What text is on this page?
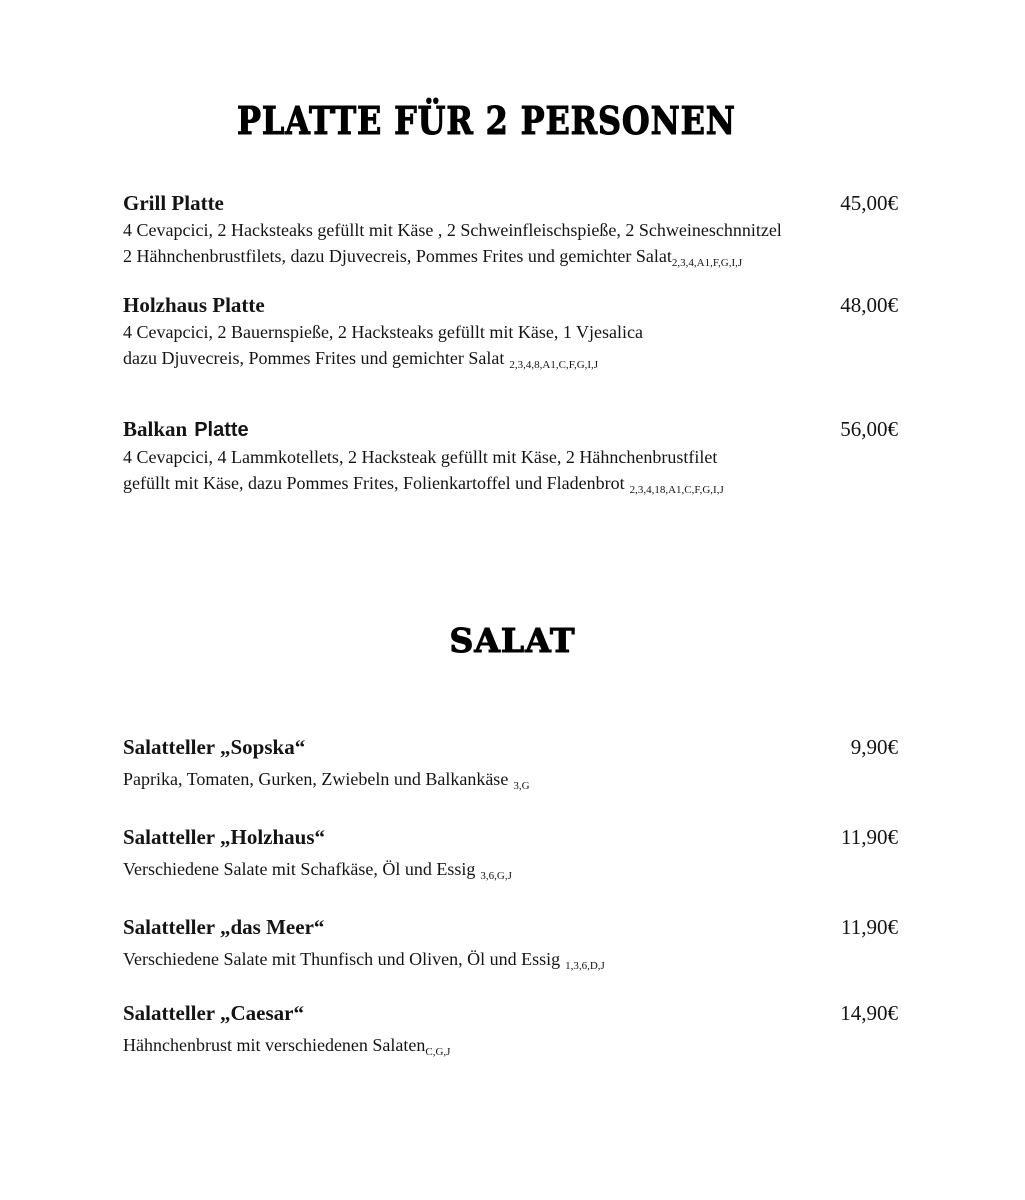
PLATTE FÜR 2 PERSONEN
Grill Platte	45,00€
4 Cevapcici, 2 Hacksteaks gefüllt mit Käse , 2 Schweinfleischspieße, 2 Schweineschnnitzel
2 Hähnchenbrustfilets, dazu Djuvecreis, Pommes Frites und gemichter Salat$_{2,3,4,A1,F,G,I,J}$
Holzhaus Platte	48,00€
4 Cevapcici, 2 Bauernspieße, 2 Hacksteaks gefüllt mit Käse, 1 Vjesalica
dazu Djuvecreis, Pommes Frites und gemichter Salat $_{2,3,4,8,A1,C,F,G,I,J}$
Balkan Platte	56,00€
4 Cevapcici, 4 Lammkotellets, 2 Hacksteak gefüllt mit Käse, 2 Hähnchenbrustfilet
gefüllt mit Käse, dazu Pommes Frites, Folienkartoffel und Fladenbrot $_{2,3,4,18,A1,C,F,G,I,J}$
SALAT
Salatteller „Sopska“	9,90€
Paprika, Tomaten, Gurken, Zwiebeln und Balkankäse $_{3,G}$
Salatteller „Holzhaus“	11,90€
Verschiedene Salate mit Schafkäse, Öl und Essig $_{3,6,G,J}$
Salatteller „das Meer“	11,90€
Verschiedene Salate mit Thunfisch und Oliven, Öl und Essig $_{1,3,6,D,J}$
Salatteller „Caesar“	14,90€
Hähnchenbrust mit verschiedenen Salaten$_{C,G,J}$
